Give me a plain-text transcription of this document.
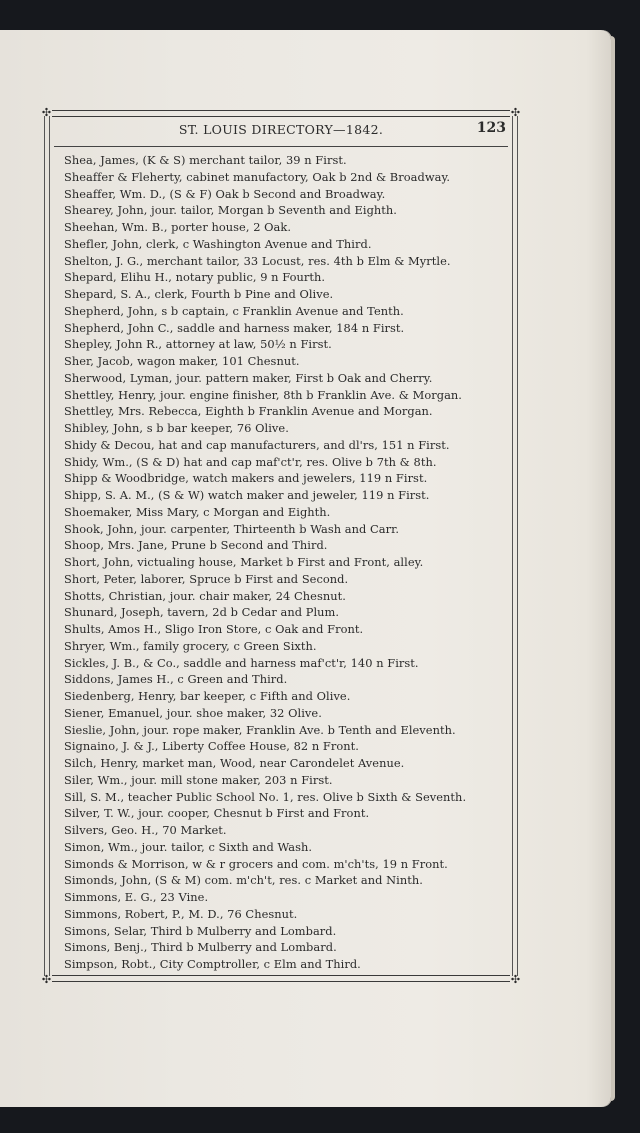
✣	✣
✣	✣
ST. LOUIS DIRECTORY—1842.	123
Shea, James, (K & S) merchant tailor, 39 n First.
Sheaffer & Fleherty, cabinet manufactory, Oak b 2nd & Broadway.
Sheaffer, Wm. D., (S & F) Oak b Second and Broadway.
Shearey, John, jour. tailor, Morgan b Seventh and Eighth.
Sheehan, Wm. B., porter house, 2 Oak.
Shefler, John, clerk, c Washington Avenue and Third.
Shelton, J. G., merchant tailor, 33 Locust, res. 4th b Elm & Myrtle.
Shepard, Elihu H., notary public, 9 n Fourth.
Shepard, S. A., clerk, Fourth b Pine and Olive.
Shepherd, John, s b captain, c Franklin Avenue and Tenth.
Shepherd, John C., saddle and harness maker, 184 n First.
Shepley, John R., attorney at law, 50½ n First.
Sher, Jacob, wagon maker, 101 Chesnut.
Sherwood, Lyman, jour. pattern maker, First b Oak and Cherry.
Shettley, Henry, jour. engine finisher, 8th b Franklin Ave. & Morgan.
Shettley, Mrs. Rebecca, Eighth b Franklin Avenue and Morgan.
Shibley, John, s b bar keeper, 76 Olive.
Shidy & Decou, hat and cap manufacturers, and dl'rs, 151 n First.
Shidy, Wm., (S & D) hat and cap maf'ct'r, res. Olive b 7th & 8th.
Shipp & Woodbridge, watch makers and jewelers, 119 n First.
Shipp, S. A. M., (S & W) watch maker and jeweler, 119 n First.
Shoemaker, Miss Mary, c Morgan and Eighth.
Shook, John, jour. carpenter, Thirteenth b Wash and Carr.
Shoop, Mrs. Jane, Prune b Second and Third.
Short, John, victualing house, Market b First and Front, alley.
Short, Peter, laborer, Spruce b First and Second.
Shotts, Christian, jour. chair maker, 24 Chesnut.
Shunard, Joseph, tavern, 2d b Cedar and Plum.
Shults, Amos H., Sligo Iron Store, c Oak and Front.
Shryer, Wm., family grocery, c Green Sixth.
Sickles, J. B., & Co., saddle and harness maf'ct'r, 140 n First.
Siddons, James H., c Green and Third.
Siedenberg, Henry, bar keeper, c Fifth and Olive.
Siener, Emanuel, jour. shoe maker, 32 Olive.
Sieslie, John, jour. rope maker, Franklin Ave. b Tenth and Eleventh.
Signaino, J. & J., Liberty Coffee House, 82 n Front.
Silch, Henry, market man, Wood, near Carondelet Avenue.
Siler, Wm., jour. mill stone maker, 203 n First.
Sill, S. M., teacher Public School No. 1, res. Olive b Sixth & Seventh.
Silver, T. W., jour. cooper, Chesnut b First and Front.
Silvers, Geo. H., 70 Market.
Simon, Wm., jour. tailor, c Sixth and Wash.
Simonds & Morrison, w & r grocers and com. m'ch'ts, 19 n Front.
Simonds, John, (S & M) com. m'ch't, res. c Market and Ninth.
Simmons, E. G., 23 Vine.
Simmons, Robert, P., M. D., 76 Chesnut.
Simons, Selar, Third b Mulberry and Lombard.
Simons, Benj., Third b Mulberry and Lombard.
Simpson, Robt., City Comptroller, c Elm and Third.
